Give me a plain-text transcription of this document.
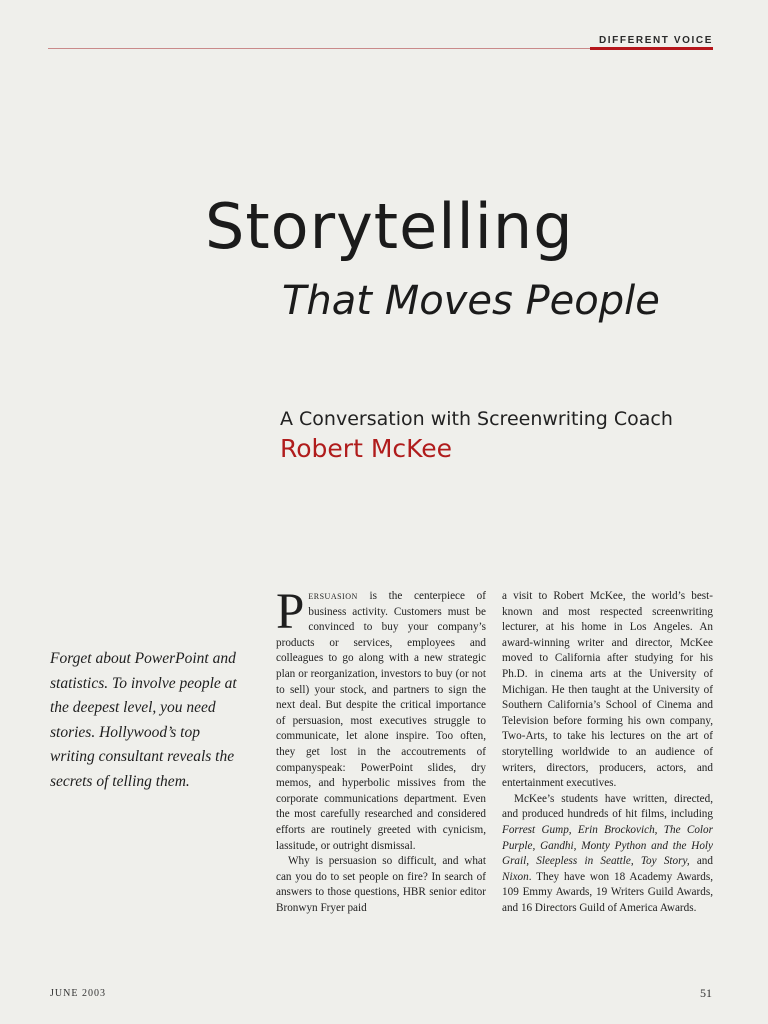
DIFFERENT VOICE
Storytelling
That Moves People
A Conversation with Screenwriting Coach
Robert McKee
Forget about PowerPoint and statistics. To involve people at the deepest level, you need stories. Hollywood’s top writing consultant reveals the secrets of telling them.

Persuasion is the centerpiece of business activity. Customers must be convinced to buy your company’s products or services, employees and colleagues to go along with a new strategic plan or reorganization, investors to buy (or not to sell) your stock, and partners to sign the next deal. But despite the critical importance of persuasion, most executives struggle to communicate, let alone inspire. Too often, they get lost in the accoutrements of companyspeak: PowerPoint slides, dry memos, and hyperbolic missives from the corporate communications department. Even the most carefully researched and considered efforts are routinely greeted with cynicism, lassitude, or outright dismissal.

Why is persuasion so difficult, and what can you do to set people on fire? In search of answers to those questions, HBR senior editor Bronwyn Fryer paid

a visit to Robert McKee, the world’s best-known and most respected screenwriting lecturer, at his home in Los Angeles. An award-winning writer and director, McKee moved to California after studying for his Ph.D. in cinema arts at the University of Michigan. He then taught at the University of Southern California’s School of Cinema and Television before forming his own company, Two-Arts, to take his lectures on the art of storytelling worldwide to an audience of writers, directors, producers, actors, and entertainment executives.

McKee’s students have written, directed, and produced hundreds of hit films, including Forrest Gump, Erin Brockovich, The Color Purple, Gandhi, Monty Python and the Holy Grail, Sleepless in Seattle, Toy Story, and Nixon. They have won 18 Academy Awards, 109 Emmy Awards, 19 Writers Guild Awards, and 16 Directors Guild of America Awards.

JUNE 2003	51
